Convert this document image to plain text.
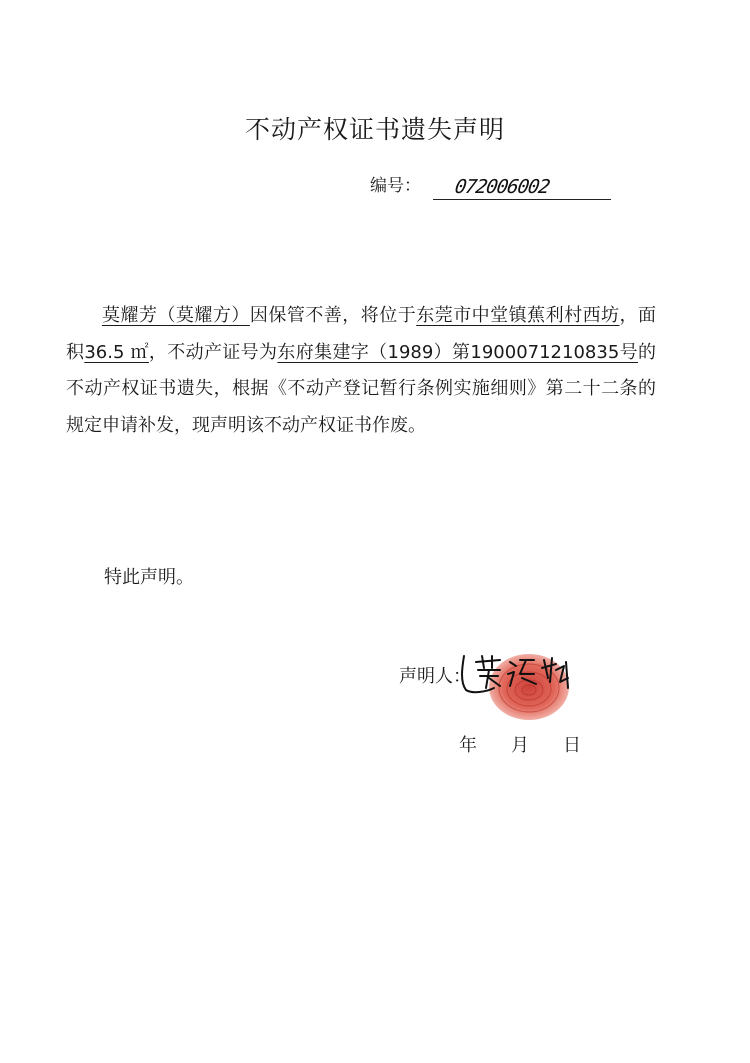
不动产权证书遗失声明
编号： 072006002

莫耀芳（莫耀方）因保管不善，将位于东莞市中堂镇蕉利村西坊，面积36.5 ㎡，不动产证号为东府集建字（1989）第1900071210835号的不动产权证书遗失，根据《不动产登记暂行条例实施细则》第二十二条的规定申请补发，现声明该不动产权证书作废。

特此声明。
声明人：
年 月 日
